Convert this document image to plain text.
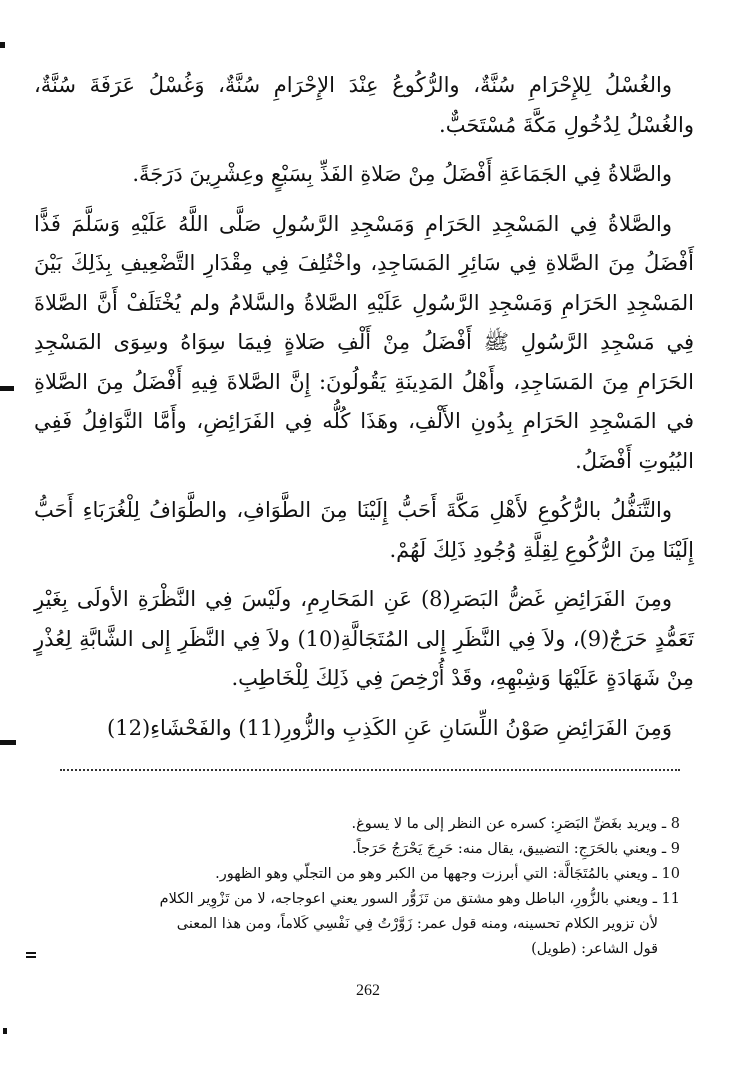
والغُسْلُ لِلإِحْرَامِ سُنَّةٌ، والرُّكُوعُ عِنْدَ الإِحْرَامِ سُنَّةٌ، وَغُسْلُ عَرَفَةَ سُنَّةٌ، والغُسْلُ لِدُخُولِ مَكَّةَ مُسْتَحَبٌّ.

والصَّلاةُ فِي الجَمَاعَةِ أَفْضَلُ مِنْ صَلاةِ الفَذِّ بِسَبْعٍ وعِشْرِينَ دَرَجَةً.

والصَّلاةُ فِي المَسْجِدِ الحَرَامِ وَمَسْجِدِ الرَّسُولِ صَلَّى اللَّهُ عَلَيْهِ وَسَلَّمَ فَذًّا أَفْضَلُ مِنَ الصَّلاةِ فِي سَائِرِ المَسَاجِدِ، واخْتُلِفَ فِي مِقْدَارِ التَّضْعِيفِ بِذَلِكَ بَيْنَ المَسْجِدِ الحَرَامِ وَمَسْجِدِ الرَّسُولِ عَلَيْهِ الصَّلاةُ والسَّلامُ ولم يُخْتَلَفْ أَنَّ الصَّلاةَ فِي مَسْجِدِ الرَّسُولِ ﷺ أَفْضَلُ مِنْ أَلْفِ صَلاةٍ فِيمَا سِوَاهُ وسِوَى المَسْجِدِ الحَرَامِ مِنَ المَسَاجِدِ، وأَهْلُ المَدِينَةِ يَقُولُونَ: إِنَّ الصَّلاةَ فِيهِ أَفْضَلُ مِنَ الصَّلاةِ في المَسْجِدِ الحَرَامِ بِدُونِ الأَلْفِ، وهَذَا كُلُّه فِي الفَرَائِضِ، وأَمَّا النَّوَافِلُ فَفِي البُيُوتِ أَفْضَلُ.

والتَّنَفُّلُ بالرُّكُوعِ لأَهْلِ مَكَّةَ أَحَبُّ إِلَيْنَا مِنَ الطَّوَافِ، والطَّوَافُ لِلْغُرَبَاءِ أَحَبُّ إِلَيْنَا مِنَ الرُّكُوعِ لِقِلَّةِ وُجُودِ ذَلِكَ لَهُمْ.

ومِنَ الفَرَائِضِ غَضُّ البَصَرِ(8) عَنِ المَحَارِمِ، ولَيْسَ فِي النَّظْرَةِ الأولَى بِغَيْرِ تَعَمُّدٍ حَرَجٌ(9)، ولاَ فِي النَّظَرِ إِلى المُتَجَالَّةِ(10) ولاَ فِي النَّظَرِ إِلى الشَّابَّةِ لِعُذْرٍ مِنْ شَهَادَةٍ عَلَيْهَا وَشِبْهِهِ، وقَدْ أُرْخِصَ فِي ذَلِكَ لِلْخَاطِبِ.

وَمِنَ الفَرَائِضِ صَوْنُ اللِّسَانِ عَنِ الكَذِبِ والزُّورِ(11) والفَحْشَاءِ(12)

8 ـ ويريد بغَضِّ البَصَرِ: كسره عن النظر إلى ما لا يسوغ.

9 ـ ويعني بالحَرَجِ: التضييق، يقال منه: حَرِجَ يَحْرَجُ حَرَجاً.

10 ـ ويعني بالمُتَجَالَّة: التي أبرزت وجهها من الكبر وهو من التجلّي وهو الظهور.

11 ـ ويعني بالزُّورِ، الباطل وهو مشتق من تَزَوُّر السور يعني اعوجاجه، لا من تَزْوِير الكلام

لأن تزوير الكلام تحسينه، ومنه قول عمر: زَوَّرْتُ فِي نَفْسِي كَلاماً، ومن هذا المعنى

قول الشاعر: (طويل)

262
